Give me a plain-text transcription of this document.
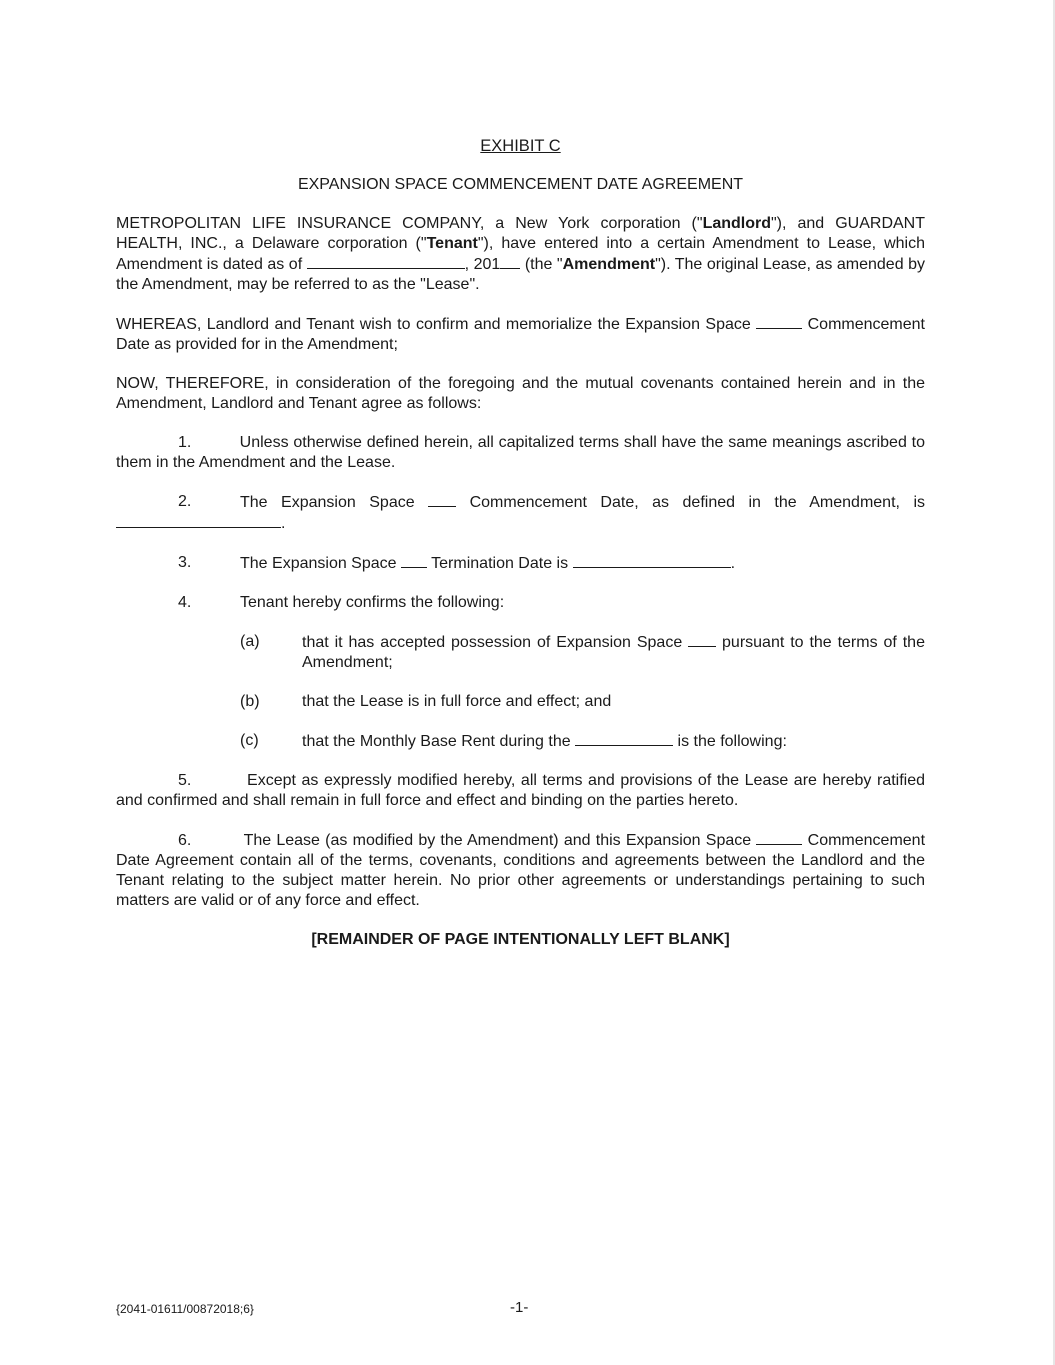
EXHIBIT C
EXPANSION SPACE COMMENCEMENT DATE AGREEMENT

METROPOLITAN LIFE INSURANCE COMPANY, a New York corporation ("Landlord"), and GUARDANT HEALTH, INC., a Delaware corporation ("Tenant"), have entered into a certain Amendment to Lease, which Amendment is dated as of	, 201 (the "Amendment"). The original Lease, as amended by the Amendment, may be referred to as the "Lease".

WHEREAS, Landlord and Tenant wish to confirm and memorialize the Expansion Space	Commencement Date as provided for in the Amendment;

NOW, THEREFORE, in consideration of the foregoing and the mutual covenants contained herein and in the Amendment, Landlord and Tenant agree as follows:

1.	Unless otherwise defined herein, all capitalized terms shall have the same meanings ascribed to them in the Amendment and the Lease.

2.	The Expansion Space	Commencement Date, as defined in the Amendment, is
.
3.	The Expansion Space Termination Date is	.
4.	Tenant hereby confirms the following:
(a)	that it has accepted possession of Expansion Space pursuant to the terms of the Amendment;
(b)	that the Lease is in full force and effect; and
(c)	that the Monthly Base Rent during the	is the following:

5.	Except as expressly modified hereby, all terms and provisions of the Lease are hereby ratified and confirmed and shall remain in full force and effect and binding on the parties hereto.

6.	The Lease (as modified by the Amendment) and this Expansion Space	Commencement Date Agreement contain all of the terms, covenants, conditions and agreements between the Landlord and the Tenant relating to the subject matter herein. No prior other agreements or understandings pertaining to such matters are valid or of any force and effect.

[REMAINDER OF PAGE INTENTIONALLY LEFT BLANK]

{2041-01611/00872018;6}	-1-
